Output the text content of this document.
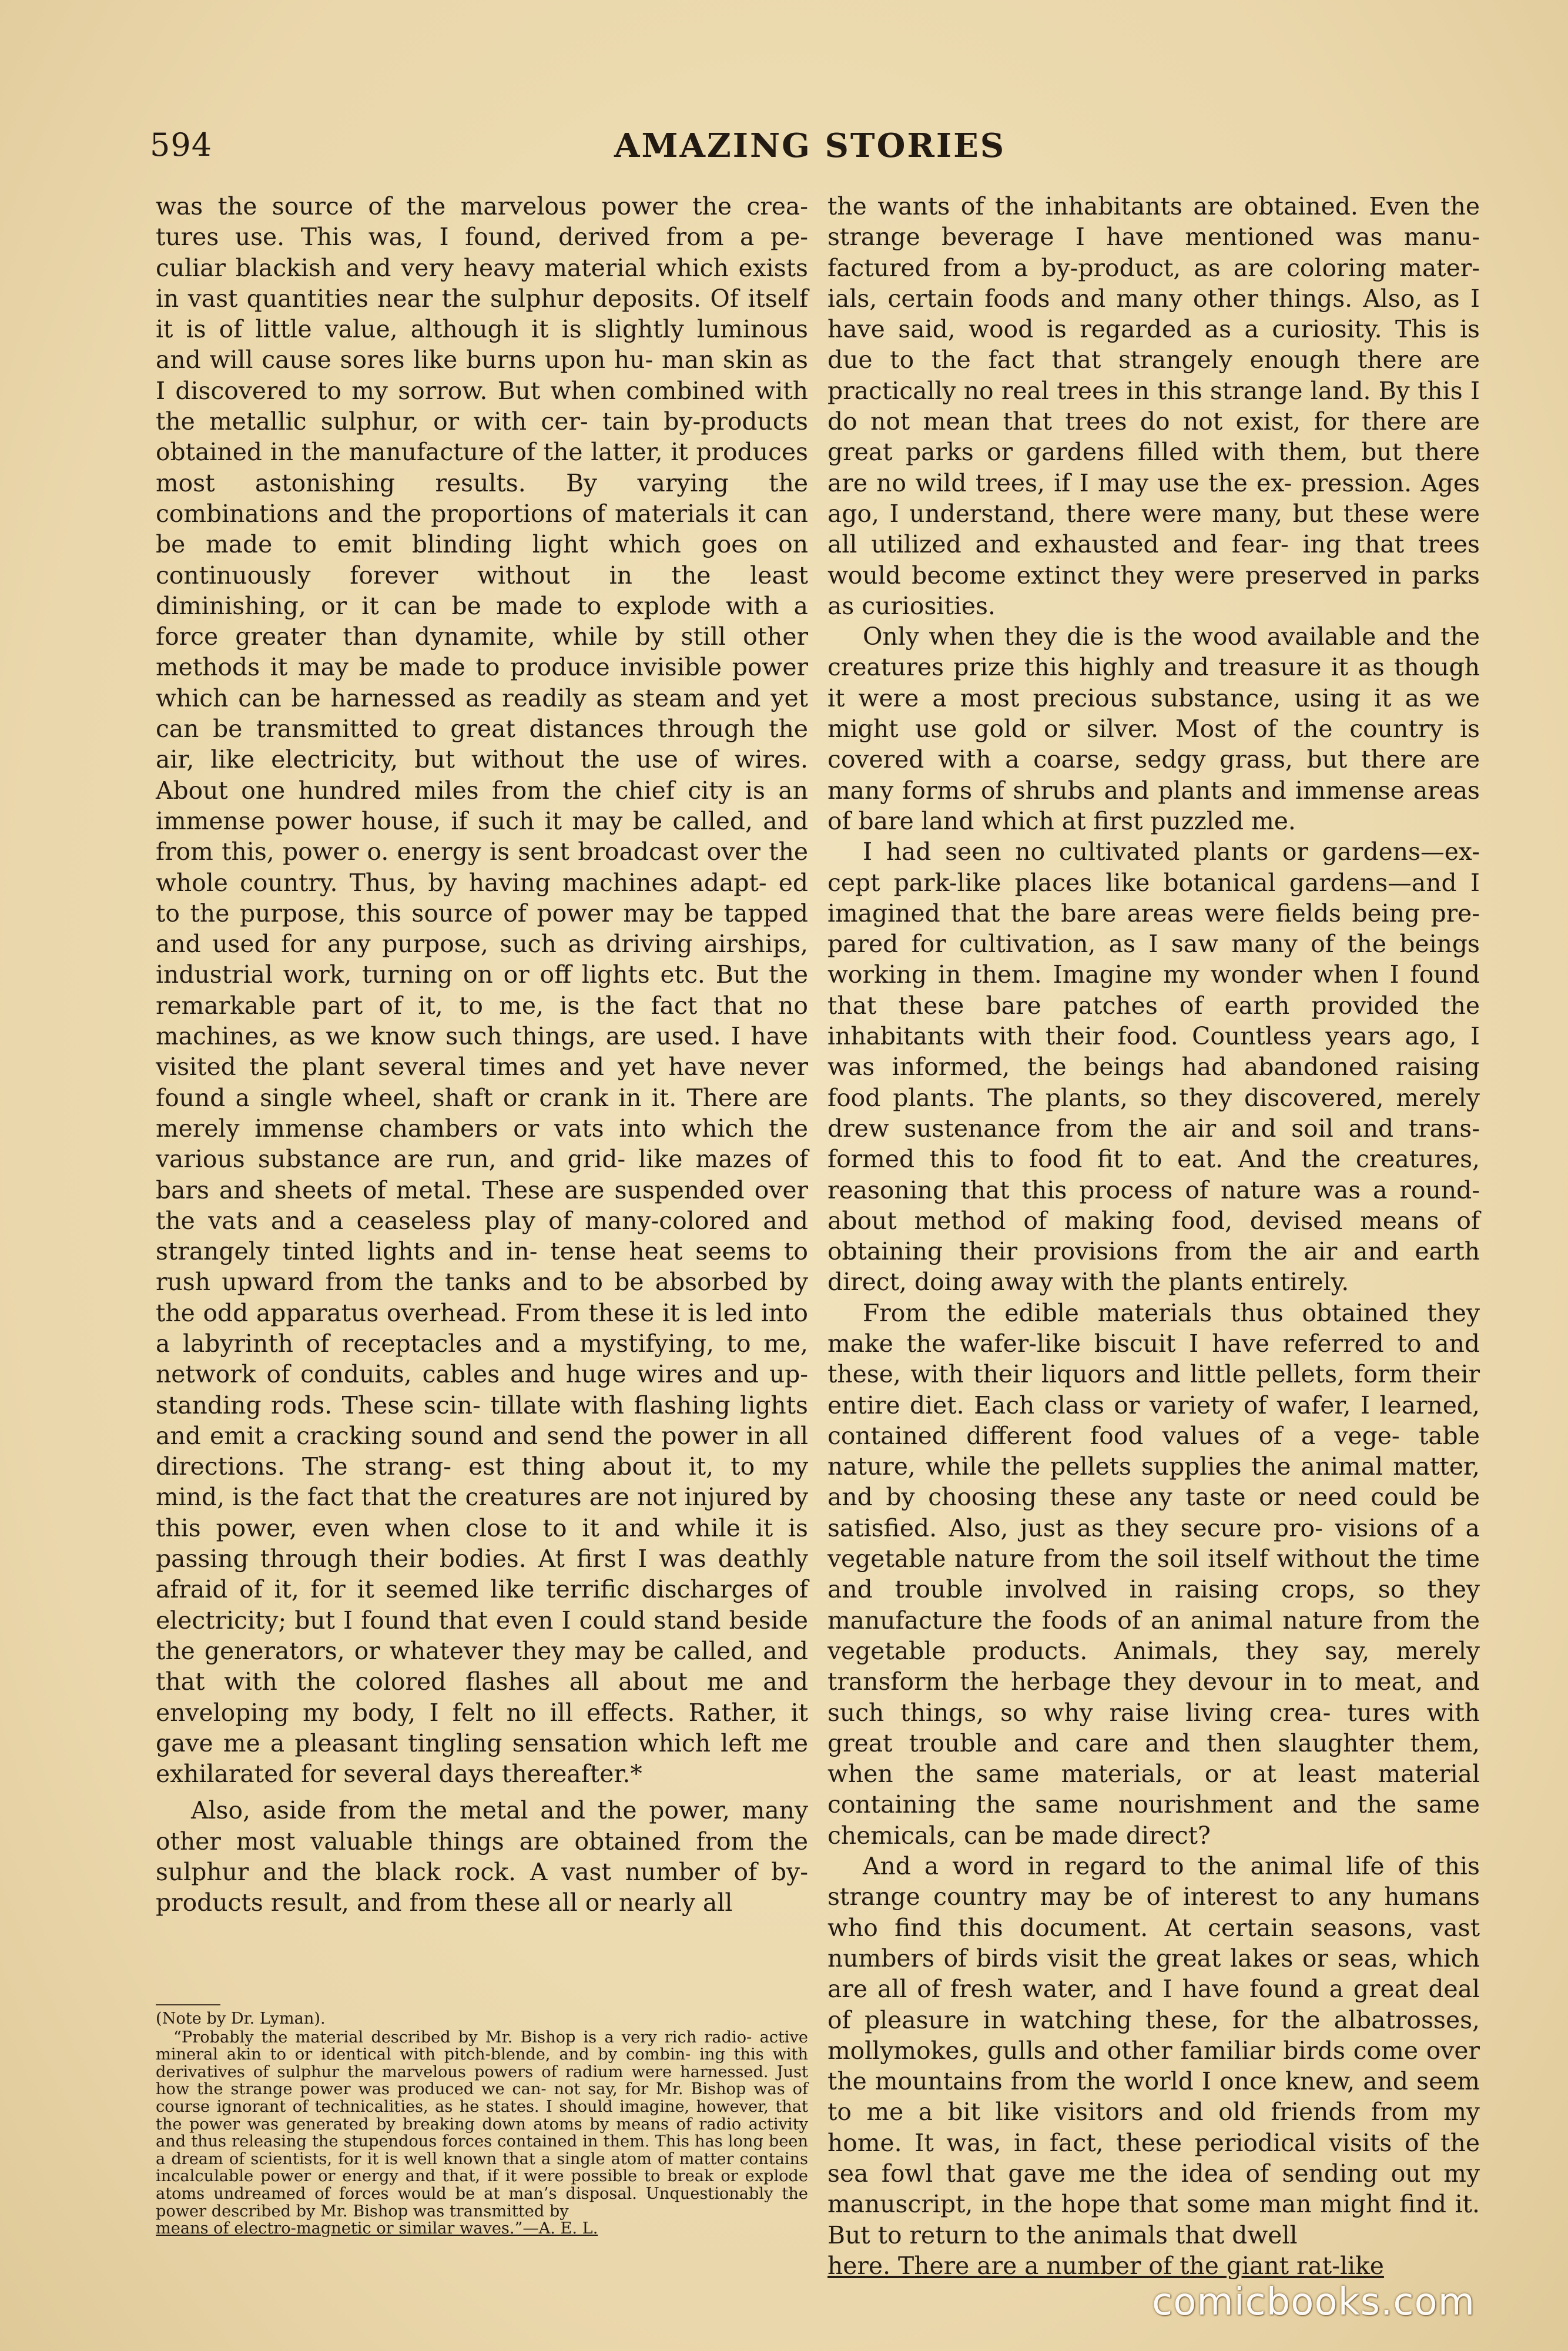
594	AMAZING STORIES

was the source of the marvelous power the crea- tures use. This was, I found, derived from a pe- culiar blackish and very heavy material which exists in vast quantities near the sulphur deposits. Of itself it is of little value, although it is slightly luminous and will cause sores like burns upon hu- man skin as I discovered to my sorrow. But when combined with the metallic sulphur, or with cer- tain by-products obtained in the manufacture of the latter, it produces most astonishing results. By varying the combinations and the proportions of materials it can be made to emit blinding light which goes on continuously forever without in the least diminishing, or it can be made to explode with a force greater than dynamite, while by still other methods it may be made to produce invisible power which can be harnessed as readily as steam and yet can be transmitted to great distances through the air, like electricity, but without the use of wires. About one hundred miles from the chief city is an immense power house, if such it may be called, and from this, power o. energy is sent broadcast over the whole country. Thus, by having machines adapt- ed to the purpose, this source of power may be tapped and used for any purpose, such as driving airships, industrial work, turning on or off lights etc. But the remarkable part of it, to me, is the fact that no machines, as we know such things, are used. I have visited the plant several times and yet have never found a single wheel, shaft or crank in it. There are merely immense chambers or vats into which the various substance are run, and grid- like mazes of bars and sheets of metal. These are suspended over the vats and a ceaseless play of many-colored and strangely tinted lights and in- tense heat seems to rush upward from the tanks and to be absorbed by the odd apparatus overhead. From these it is led into a labyrinth of receptacles and a mystifying, to me, network of conduits, cables and huge wires and up-standing rods. These scin- tillate with flashing lights and emit a cracking sound and send the power in all directions. The strang- est thing about it, to my mind, is the fact that the creatures are not injured by this power, even when close to it and while it is passing through their bodies. At first I was deathly afraid of it, for it seemed like terrific discharges of electricity; but I found that even I could stand beside the generators, or whatever they may be called, and that with the colored flashes all about me and enveloping my body, I felt no ill effects. Rather, it gave me a pleasant tingling sensation which left me exhilarated for several days thereafter.*

Also, aside from the metal and the power, many other most valuable things are obtained from the sulphur and the black rock. A vast number of by- products result, and from these all or nearly all

(Note by Dr. Lyman).

“Probably the material described by Mr. Bishop is a very rich radio- active mineral akin to or identical with pitch-blende, and by combin- ing this with derivatives of sulphur the marvelous powers of radium were harnessed. Just how the strange power was produced we can- not say, for Mr. Bishop was of course ignorant of technicalities, as he states. I should imagine, however, that the power was generated by breaking down atoms by means of radio activity and thus releasing the stupendous forces contained in them. This has long been a dream of scientists, for it is well known that a single atom of matter contains incalculable power or energy and that, if it were possible to break or explode atoms undreamed of forces would be at man’s disposal. Unquestionably the power described by Mr. Bishop was transmitted by

means of electro-magnetic or similar waves.”—A. E. L.

the wants of the inhabitants are obtained. Even the strange beverage I have mentioned was manu- factured from a by-product, as are coloring mater- ials, certain foods and many other things. Also, as I have said, wood is regarded as a curiosity. This is due to the fact that strangely enough there are practically no real trees in this strange land. By this I do not mean that trees do not exist, for there are great parks or gardens filled with them, but there are no wild trees, if I may use the ex- pression. Ages ago, I understand, there were many, but these were all utilized and exhausted and fear- ing that trees would become extinct they were preserved in parks as curiosities.

Only when they die is the wood available and the creatures prize this highly and treasure it as though it were a most precious substance, using it as we might use gold or silver. Most of the country is covered with a coarse, sedgy grass, but there are many forms of shrubs and plants and immense areas of bare land which at first puzzled me.

I had seen no cultivated plants or gardens—ex- cept park-like places like botanical gardens—and I imagined that the bare areas were fields being pre- pared for cultivation, as I saw many of the beings working in them. Imagine my wonder when I found that these bare patches of earth provided the inhabitants with their food. Countless years ago, I was informed, the beings had abandoned raising food plants. The plants, so they discovered, merely drew sustenance from the air and soil and trans- formed this to food fit to eat. And the creatures, reasoning that this process of nature was a round- about method of making food, devised means of obtaining their provisions from the air and earth direct, doing away with the plants entirely.

From the edible materials thus obtained they make the wafer-like biscuit I have referred to and these, with their liquors and little pellets, form their entire diet. Each class or variety of wafer, I learned, contained different food values of a vege- table nature, while the pellets supplies the animal matter, and by choosing these any taste or need could be satisfied. Also, just as they secure pro- visions of a vegetable nature from the soil itself without the time and trouble involved in raising crops, so they manufacture the foods of an animal nature from the vegetable products. Animals, they say, merely transform the herbage they devour in to meat, and such things, so why raise living crea- tures with great trouble and care and then slaughter them, when the same materials, or at least material containing the same nourishment and the same chemicals, can be made direct?

And a word in regard to the animal life of this strange country may be of interest to any humans who find this document. At certain seasons, vast numbers of birds visit the great lakes or seas, which are all of fresh water, and I have found a great deal of pleasure in watching these, for the albatrosses, mollymokes, gulls and other familiar birds come over the mountains from the world I once knew, and seem to me a bit like visitors and old friends from my home. It was, in fact, these periodical visits of the sea fowl that gave me the idea of sending out my manuscript, in the hope that some man might find it. But to return to the animals that dwell

here. There are a number of the giant rat-like

comicbooks.com
